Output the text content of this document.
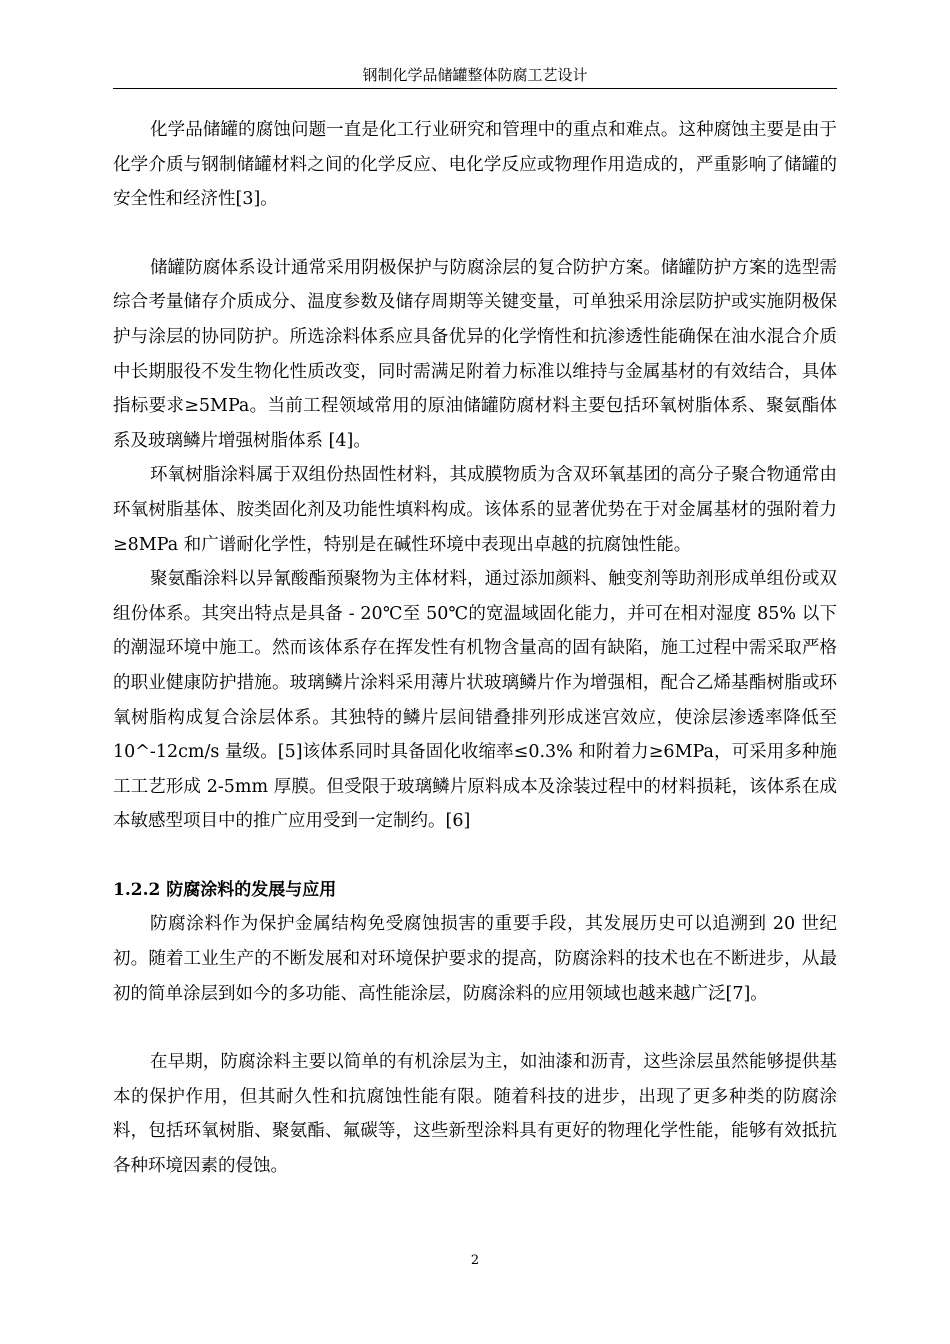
钢制化学品储罐整体防腐工艺设计

化学品储罐的腐蚀问题一直是化工行业研究和管理中的重点和难点。这种腐蚀主要是由于化学介质与钢制储罐材料之间的化学反应、电化学反应或物理作用造成的，严重影响了储罐的安全性和经济性[3]。

储罐防腐体系设计通常采用阴极保护与防腐涂层的复合防护方案。储罐防护方案的选型需综合考量储存介质成分、温度参数及储存周期等关键变量，可单独采用涂层防护或实施阴极保护与涂层的协同防护。所选涂料体系应具备优异的化学惰性和抗渗透性能确保在油水混合介质中长期服役不发生物化性质改变，同时需满足附着力标准以维持与金属基材的有效结合，具体指标要求≥5MPa。当前工程领域常用的原油储罐防腐材料主要包括环氧树脂体系、聚氨酯体系及玻璃鳞片增强树脂体系 [4]。

环氧树脂涂料属于双组份热固性材料，其成膜物质为含双环氧基团的高分子聚合物通常由环氧树脂基体、胺类固化剂及功能性填料构成。该体系的显著优势在于对金属基材的强附着力≥8MPa 和广谱耐化学性，特别是在碱性环境中表现出卓越的抗腐蚀性能。

聚氨酯涂料以异氰酸酯预聚物为主体材料，通过添加颜料、触变剂等助剂形成单组份或双组份体系。其突出特点是具备 - 20℃至 50℃的宽温域固化能力，并可在相对湿度 85% 以下的潮湿环境中施工。然而该体系存在挥发性有机物含量高的固有缺陷，施工过程中需采取严格的职业健康防护措施。玻璃鳞片涂料采用薄片状玻璃鳞片作为增强相，配合乙烯基酯树脂或环氧树脂构成复合涂层体系。其独特的鳞片层间错叠排列形成迷宫效应，使涂层渗透率降低至 10^-12cm/s 量级。[5]该体系同时具备固化收缩率≤0.3% 和附着力≥6MPa，可采用多种施工工艺形成 2-5mm 厚膜。但受限于玻璃鳞片原料成本及涂装过程中的材料损耗，该体系在成本敏感型项目中的推广应用受到一定制约。[6]

1.2.2 防腐涂料的发展与应用

防腐涂料作为保护金属结构免受腐蚀损害的重要手段，其发展历史可以追溯到 20 世纪初。随着工业生产的不断发展和对环境保护要求的提高，防腐涂料的技术也在不断进步，从最初的简单涂层到如今的多功能、高性能涂层，防腐涂料的应用领域也越来越广泛[7]。

在早期，防腐涂料主要以简单的有机涂层为主，如油漆和沥青，这些涂层虽然能够提供基本的保护作用，但其耐久性和抗腐蚀性能有限。随着科技的进步，出现了更多种类的防腐涂料，包括环氧树脂、聚氨酯、氟碳等，这些新型涂料具有更好的物理化学性能，能够有效抵抗各种环境因素的侵蚀。

2
